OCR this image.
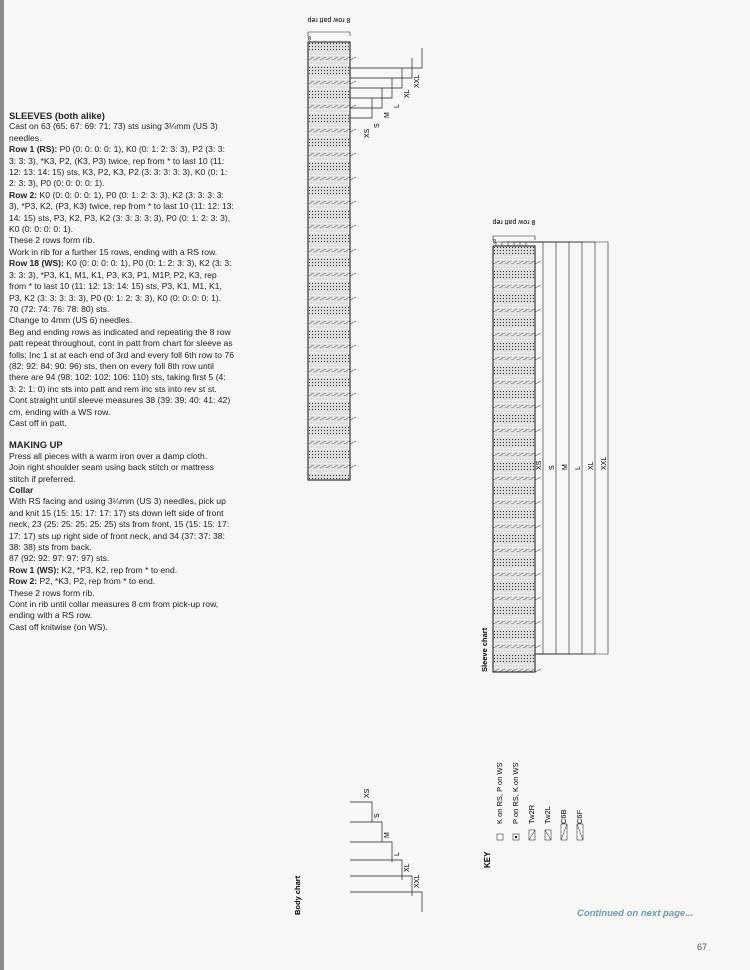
SLEEVES (both alike)

Cast on 63 (65: 67: 69: 71: 73) sts using 3¼mm (US 3) needles.

Row 1 (RS): P0 (0: 0: 0: 0: 1), K0 (0: 1: 2: 3: 3), P2 (3: 3: 3: 3: 3), *K3, P2, (K3, P3) twice, rep from * to last 10 (11: 12: 13: 14: 15) sts, K3, P2, K3, P2 (3: 3: 3: 3: 3), K0 (0: 1: 2: 3: 3), P0 (0: 0: 0: 0: 1).

Row 2: K0 (0: 0: 0: 0: 1), P0 (0: 1: 2: 3: 3), K2 (3: 3: 3: 3: 3), *P3, K2, (P3, K3) twice, rep from * to last 10 (11: 12: 13: 14: 15) sts, P3, K2, P3, K2 (3: 3: 3: 3: 3), P0 (0: 1: 2: 3: 3), K0 (0: 0: 0: 0: 1).

These 2 rows form rib.

Work in rib for a further 15 rows, ending with a RS row.

Row 18 (WS): K0 (0: 0: 0: 0: 1), P0 (0: 1: 2: 3: 3), K2 (3: 3: 3: 3: 3), *P3, K1, M1, K1, P3, K3, P1, M1P, P2, K3, rep from * to last 10 (11: 12: 13: 14: 15) sts, P3, K1, M1, K1, P3, K2 (3: 3: 3: 3: 3), P0 (0: 1: 2: 3: 3), K0 (0: 0: 0: 0: 1).

70 (72: 74: 76: 78: 80) sts.

Change to 4mm (US 6) needles.

Beg and ending rows as indicated and repeating the 8 row patt repeat throughout, cont in patt from chart for sleeve as folls: Inc 1 st at each end of 3rd and every foll 6th row to 76 (82: 92: 84: 90: 96) sts, then on every foll 8th row until there are 94 (98: 102: 102: 106: 110) sts, taking first 5 (4: 3: 2: 1: 0) inc sts into patt and rem inc sts into rev st st.

Cont straight until sleeve measures 38 (39: 39: 40: 41: 42) cm, ending with a WS row.

Cast off in patt.

MAKING UP

Press all pieces with a warm iron over a damp cloth.

Join right shoulder seam using back stitch or mattress stitch if preferred.

Collar

With RS facing and using 3¼mm (US 3) needles, pick up and knit 15 (15: 15: 17: 17: 17) sts down left side of front neck, 23 (25: 25: 25: 25: 25) sts from front, 15 (15: 15: 17: 17: 17) sts up right side of front neck, and 34 (37: 37: 38: 38: 38) sts from back.

87 (92: 92: 97: 97: 97) sts.

Row 1 (WS): K2, *P3, K2, rep from * to end.

Row 2: P2, *K3, P2, rep from * to end.

These 2 rows form rib.

Cont in rib until collar measures 8 cm from pick-up row, ending with a RS row.

Cast off knitwise (on WS).

8 row patt rep
8
XS
S
M
L
XL
XXL
XS
S
M
L
XL
XXL
Body chart
8 row patt rep
8
XS S M L XL XXL
Sleeve chart
KEY
K on RS, P on WS P on RS, K on WS Tw2R Tw2L C6B C6F
Continued on next page...
67
